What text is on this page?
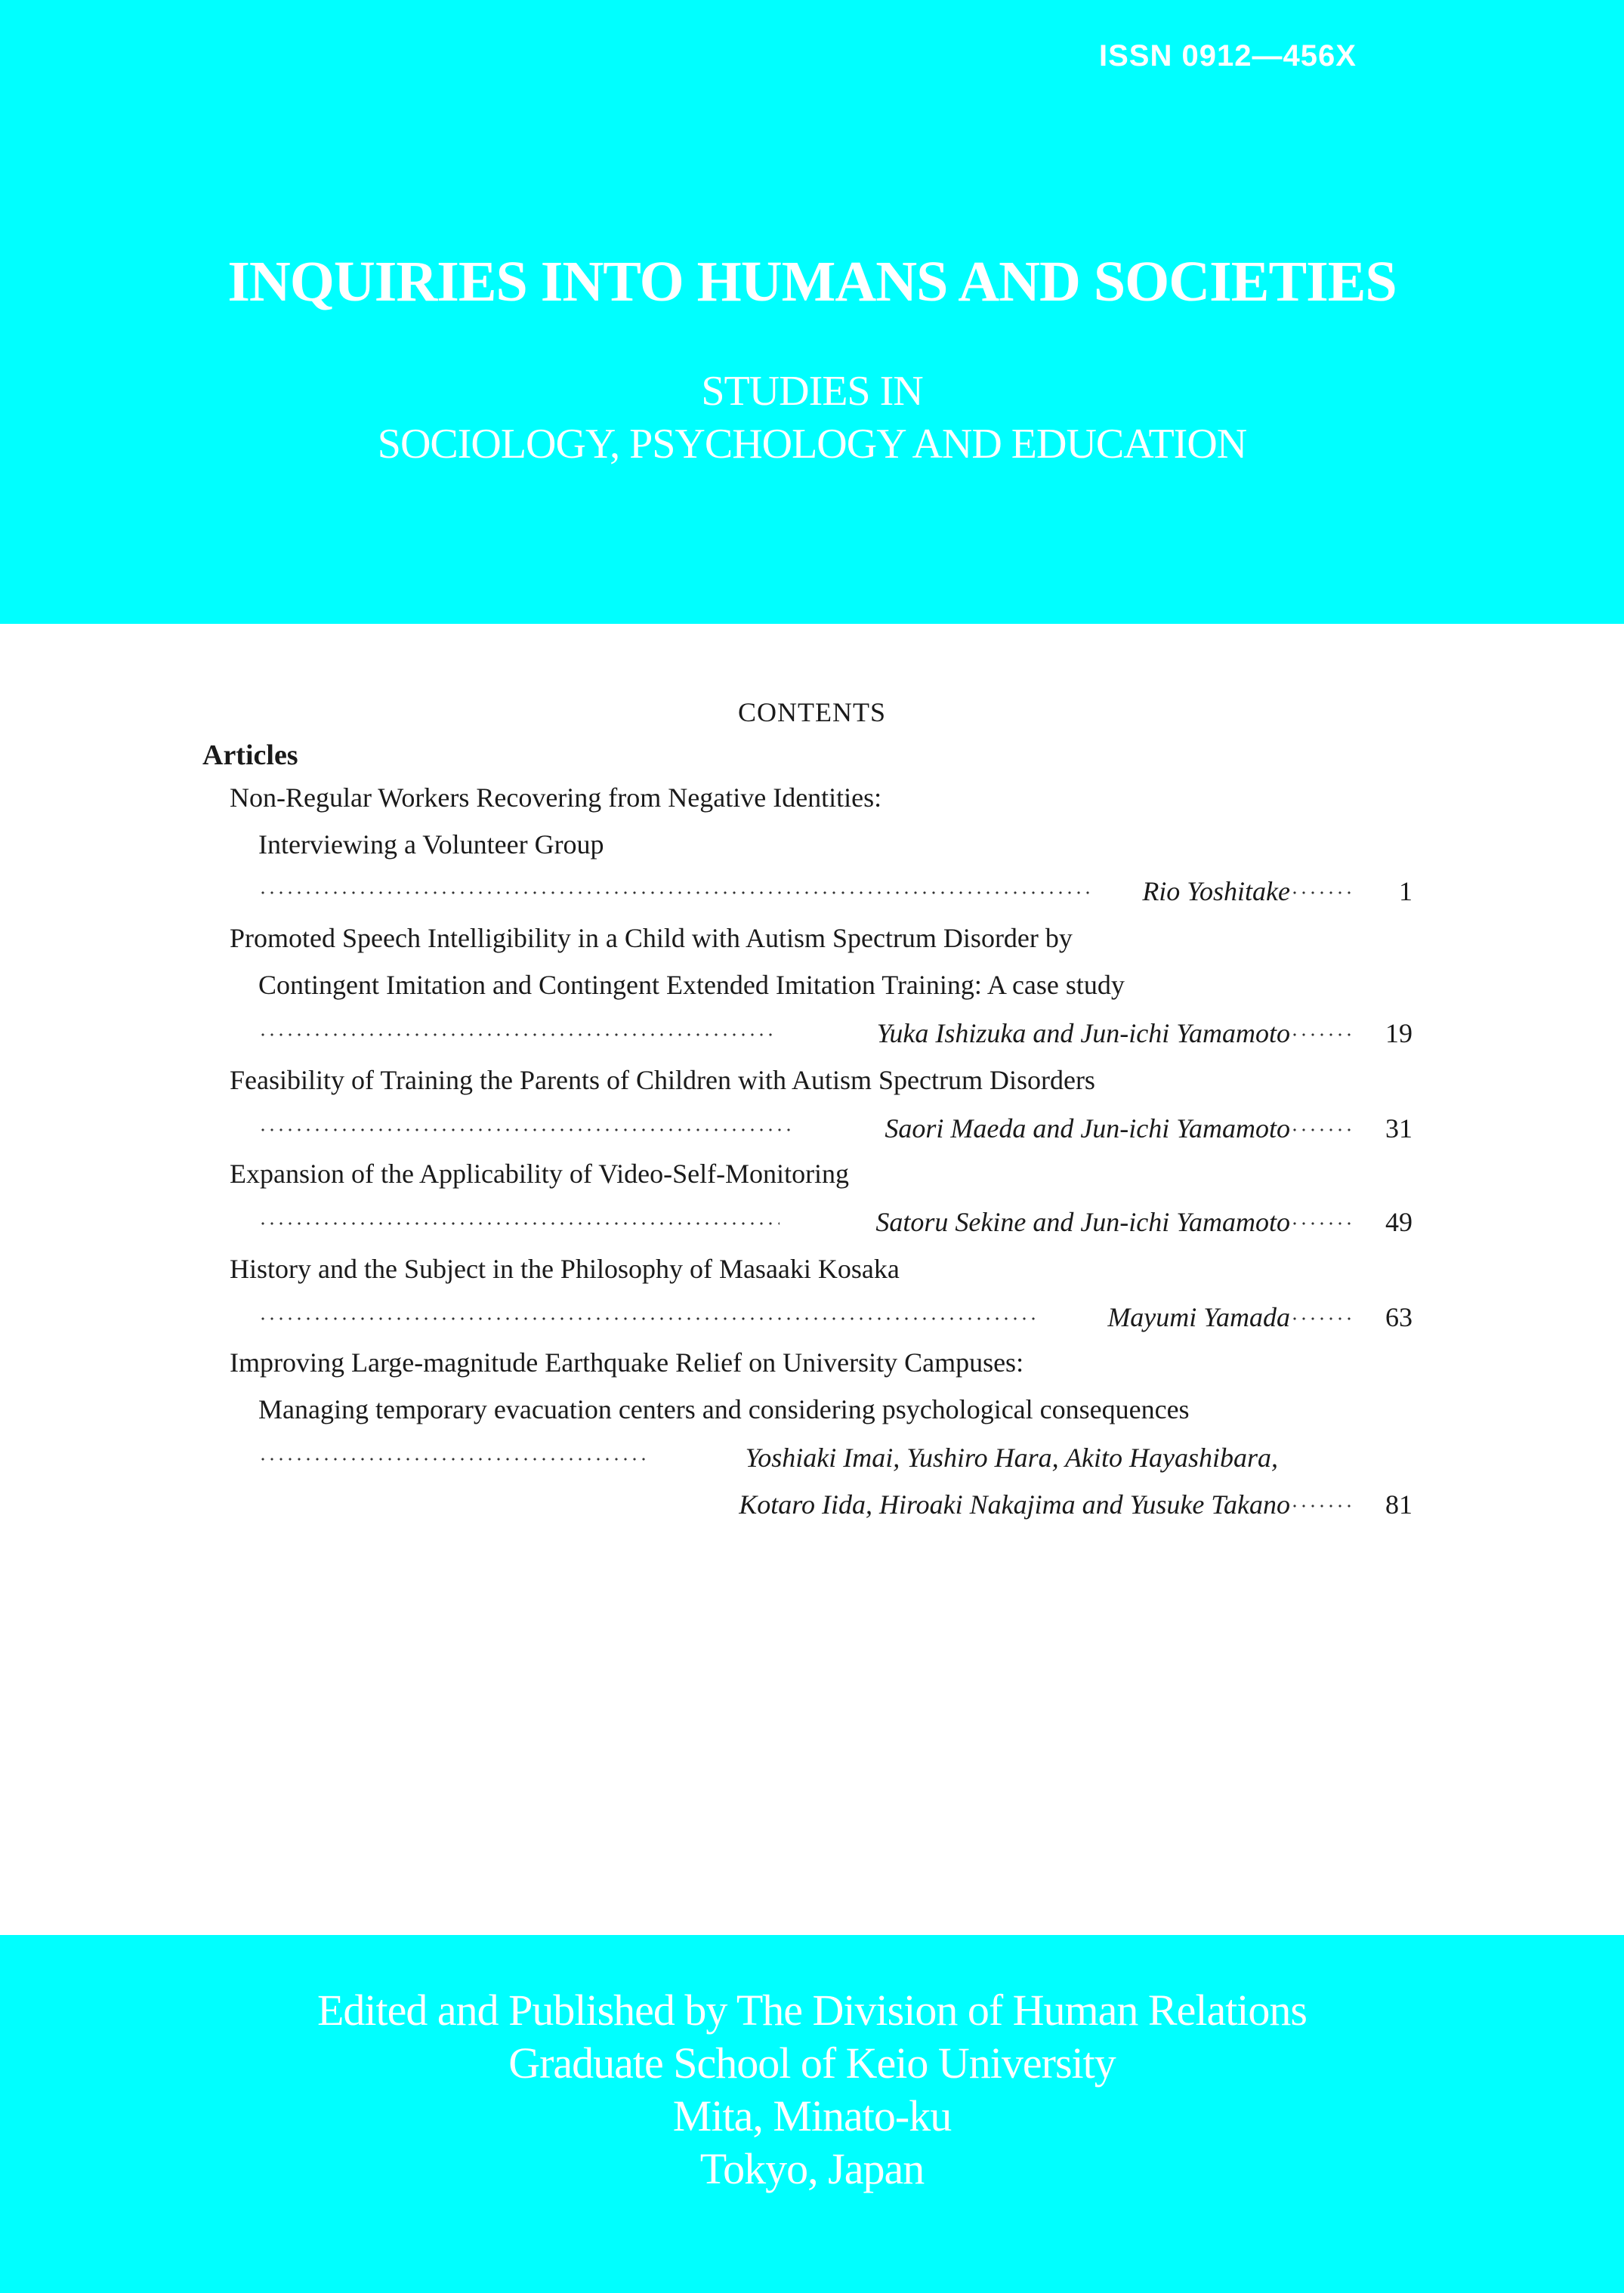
ISSN 0912―456X
INQUIRIES INTO HUMANS AND SOCIETIES
STUDIES IN
SOCIOLOGY, PSYCHOLOGY AND EDUCATION
CONTENTS
Articles
Non-Regular Workers Recovering from Negative Identities:
Interviewing a Volunteer Group
Rio Yoshitake	1
Promoted Speech Intelligibility in a Child with Autism Spectrum Disorder by
Contingent Imitation and Contingent Extended Imitation Training: A case study
Yuka Ishizuka and Jun-ichi Yamamoto	19
Feasibility of Training the Parents of Children with Autism Spectrum Disorders
Saori Maeda and Jun-ichi Yamamoto	31
Expansion of the Applicability of Video-Self-Monitoring
Satoru Sekine and Jun-ichi Yamamoto	49
History and the Subject in the Philosophy of Masaaki Kosaka
Mayumi Yamada	63
Improving Large-magnitude Earthquake Relief on University Campuses:
Managing temporary evacuation centers and considering psychological consequences
Yoshiaki Imai, Yushiro Hara, Akito Hayashibara,
Kotaro Iida, Hiroaki Nakajima and Yusuke Takano	81
Edited and Published by The Division of Human Relations
Graduate School of Keio University
Mita, Minato-ku
Tokyo, Japan
